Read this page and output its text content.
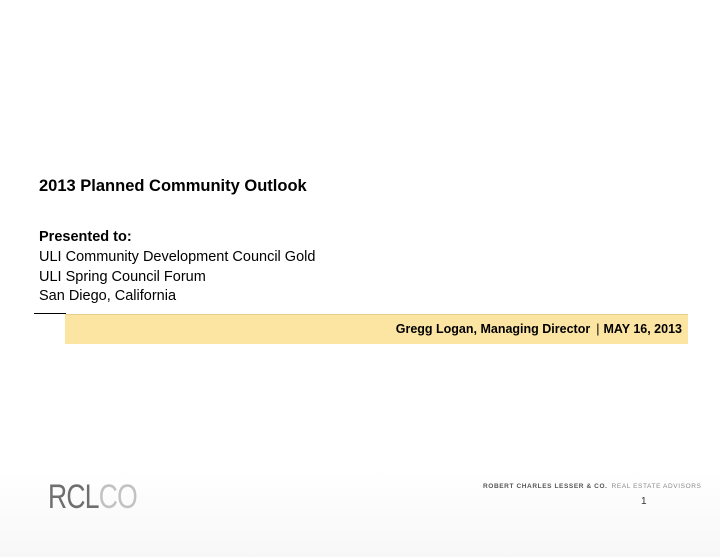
2013 Planned Community Outlook
Presented to:
ULI Community Development Council Gold
ULI Spring Council Forum
San Diego, California
Gregg Logan, Managing Director | MAY 16, 2013
RCLCO	ROBERT CHARLES LESSER & CO. REAL ESTATE ADVISORS
1
